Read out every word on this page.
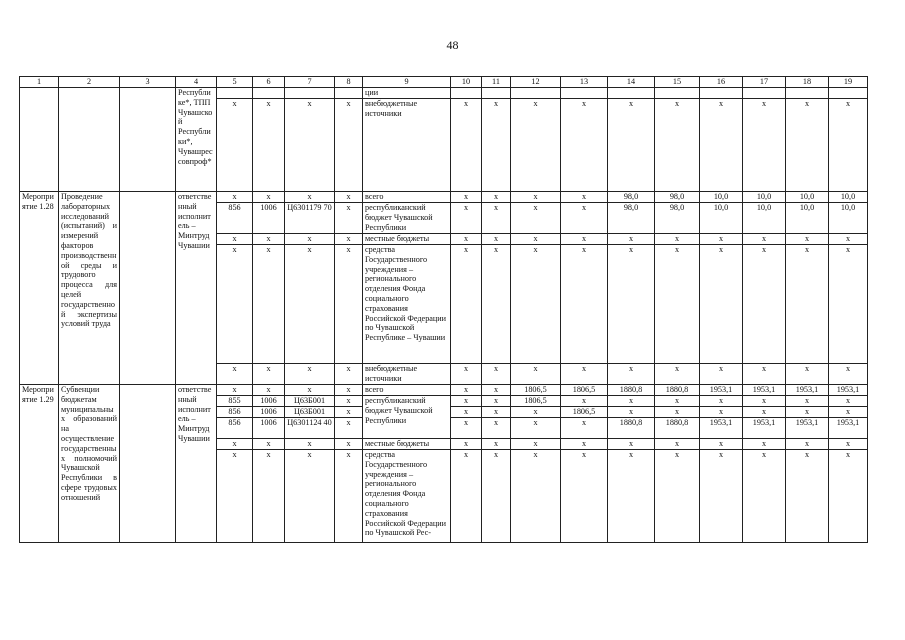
48
1	2	3	4	5	6	7	8	9	10	11	12	13	14	15	16	17	18	19
			Республике*, ТПП Чувашской Республики*, Чувашрессовпроф*					ции										
				х	х	х	х	внебюджетные источники	х	х	х	х	х	х	х	х	х	х
Мероприятие 1.28	Проведение лабораторных исследований (испытаний) и измерений факторов производственной среды и трудового процесса для целей государственной экспертизы условий труда		ответственный исполнитель – Минтруд Чувашии	х	х	х	х	всего	х	х	х	х	98,0	98,0	10,0	10,0	10,0	10,0
				856	1006	Ц6301179 70	х	республиканский бюджет Чувашской Республики	х	х	х	х	98,0	98,0	10,0	10,0	10,0	10,0
				х	х	х	х	местные бюджеты	х	х	х	х	х	х	х	х	х	х
				х	х	х	х	средства Государственного учреждения – регионального отделения Фонда социального страхования Российской Федерации по Чувашской Республике – Чувашии	х	х	х	х	х	х	х	х	х	х
				х	х	х	х	внебюджетные источники	х	х	х	х	х	х	х	х	х	х
Мероприятие 1.29	Субвенции бюджетам муниципальных образований на осуществление государственных полномочий Чувашской Республики в сфере трудовых отношений		ответственный исполнитель – Минтруд Чувашии	х	х	х	х	всего	х	х	1806,5	1806,5	1880,8	1880,8	1953,1	1953,1	1953,1	1953,1
				855	1006	Ц63Б001	х	республиканский бюджет Чувашской Республики	х	х	1806,5	х	х	х	х	х	х	х
				856	1006	Ц63Б001	х		х	х	х	1806,5	х	х	х	х	х	х
				856	1006	Ц6301124 40	х		х	х	х	х	1880,8	1880,8	1953,1	1953,1	1953,1	1953,1
				х	х	х	х	местные бюджеты	х	х	х	х	х	х	х	х	х	х
				х	х	х	х	средства Государственного учреждения – регионального отделения Фонда социального страхования Российской Федерации по Чувашской Рес-	х	х	х	х	х	х	х	х	х	х
